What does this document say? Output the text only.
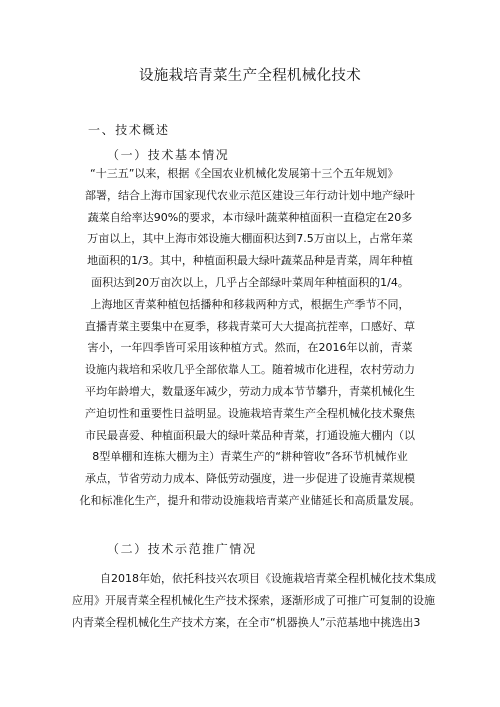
设施栽培青菜生产全程机械化技术
一、技术概述
（一）技术基本情况

“十三五”以来，根据《全国农业机械化发展第十三个五年规划》

部署，结合上海市国家现代农业示范区建设三年行动计划中地产绿叶

蔬菜自给率达90%的要求，本市绿叶蔬菜种植面积一直稳定在20多

万亩以上，其中上海市郊设施大棚面积达到7.5万亩以上，占常年菜

地面积的1/3。其中，种植面积最大绿叶蔬菜品种是青菜，周年种植

面积达到20万亩次以上，几乎占全部绿叶菜周年种植面积的1/4。

上海地区青菜种植包括播种和移栽两种方式，根据生产季节不同，

直播青菜主要集中在夏季，移栽青菜可大大提高抗茬率，口感好、草

害小，一年四季皆可采用该种植方式。然而，在2016年以前，青菜

设施内栽培和采收几乎全部依靠人工。随着城市化进程，农村劳动力

平均年龄增大，数量逐年减少，劳动力成本节节攀升，青菜机械化生

产迫切性和重要性日益明显。设施栽培青菜生产全程机械化技术聚焦

市民最喜爱、种植面积最大的绿叶菜品种青菜，打通设施大棚内（以

8型单棚和连栋大棚为主）青菜生产的“耕种管收”各环节机械作业

承点，节省劳动力成本、降低劳动强度，进一步促进了设施青菜规模

化和标准化生产，提升和带动设施栽培青菜产业储延长和高质量发展。

（二）技术示范推广情况

自2018年始，依托科技兴农项目《设施栽培青菜全程机械化技术集成

应用》开展青菜全程机械化生产技术探索，逐渐形成了可推广可复制的设施

内青菜全程机械化生产技术方案，在全市“机器换人”示范基地中挑选出3
